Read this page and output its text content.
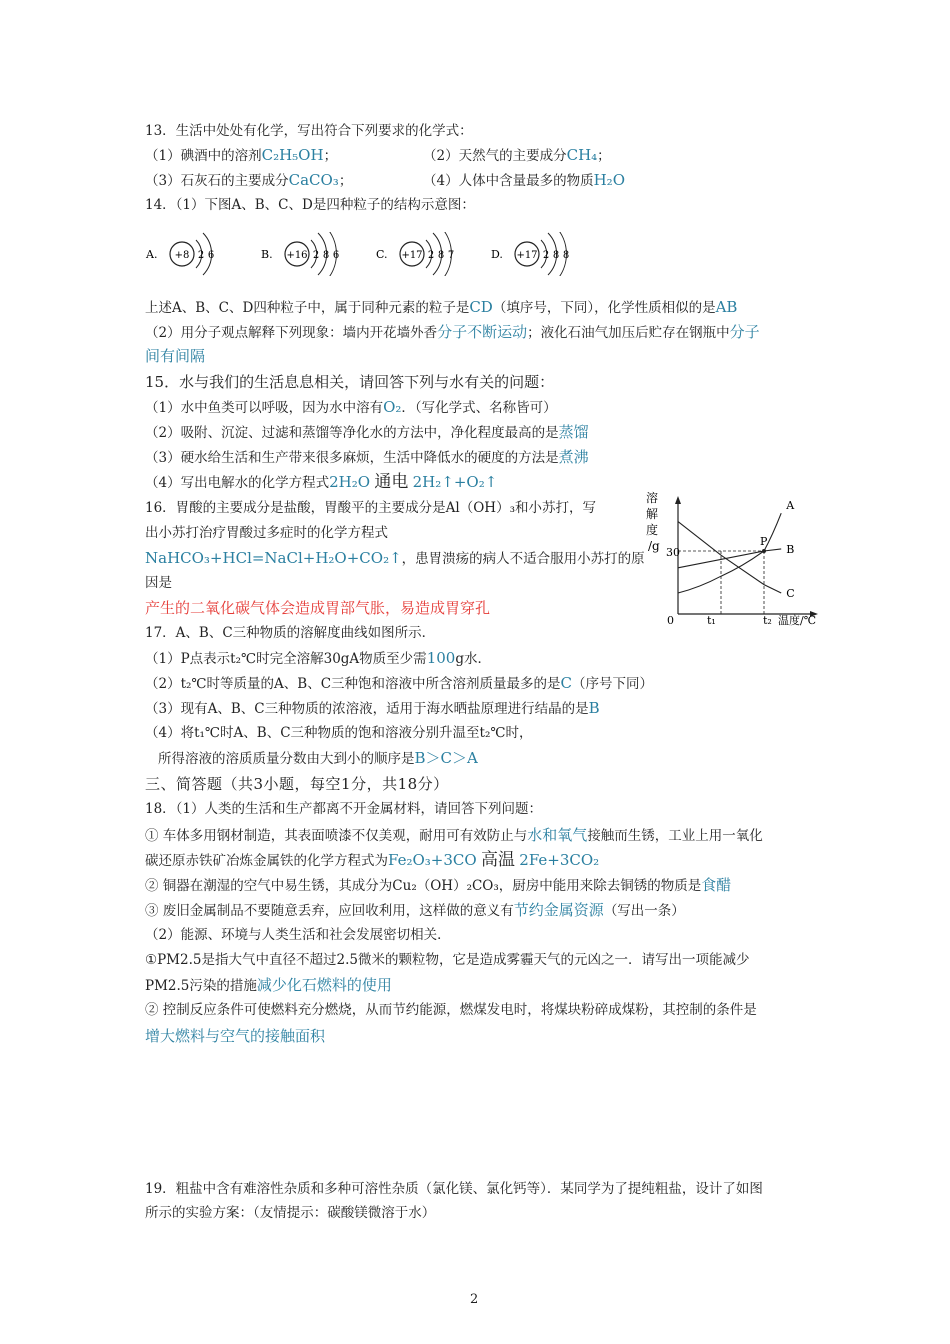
13．生活中处处有化学，写出符合下列要求的化学式：
（1）碘酒中的溶剂C₂H₅OH；	（2）天然气的主要成分CH₄；
（3）石灰石的主要成分CaCO₃；	（4）人体中含量最多的物质H₂O
14．（1）下图A、B、C、D是四种粒子的结构示意图：
A. +8 2 6	B. +16 2 8 6	C. +17 2 8 7	D. +17 2 8 8
上述A、B、C、D四种粒子中，属于同种元素的粒子是CD（填序号，下同），化学性质相似的是AB
（2）用分子观点解释下列现象：墙内开花墙外香分子不断运动；液化石油气加压后贮存在钢瓶中分子
间有间隔
15．水与我们的生活息息相关，请回答下列与水有关的问题：
（1）水中鱼类可以呼吸，因为水中溶有O₂．（写化学式、名称皆可）
（2）吸附、沉淀、过滤和蒸馏等净化水的方法中，净化程度最高的是蒸馏
（3）硬水给生活和生产带来很多麻烦，生活中降低水的硬度的方法是煮沸
（4）写出电解水的化学方程式2H₂O 通电 2H₂↑+O₂↑
16．胃酸的主要成分是盐酸，胃酸平的主要成分是Al（OH）₃和小苏打，写
出小苏打治疗胃酸过多症时的化学方程式
NaHCO₃+HCl=NaCl+H₂O+CO₂↑，患胃溃疡的病人不适合服用小苏打的原
因是
产生的二氧化碳气体会造成胃部气胀，易造成胃穿孔
溶
解
度
/g 30
0	t₁	t₂ 温度/℃
A
B
C
P
17．A、B、C三种物质的溶解度曲线如图所示．
（1）P点表示t₂℃时完全溶解30gA物质至少需100g水．
（2）t₂℃时等质量的A、B、C三种饱和溶液中所含溶剂质量最多的是C（序号下同）
（3）现有A、B、C三种物质的浓溶液，适用于海水晒盐原理进行结晶的是B
（4）将t₁℃时A、B、C三种物质的饱和溶液分别升温至t₂℃时，
所得溶液的溶质质量分数由大到小的顺序是B＞C＞A
三、简答题（共3小题，每空1分，共18分）
18．（1）人类的生活和生产都离不开金属材料，请回答下列问题：
① 车体多用钢材制造，其表面喷漆不仅美观，耐用可有效防止与水和氧气接触而生锈，工业上用一氧化
碳还原赤铁矿冶炼金属铁的化学方程式为Fe₂O₃+3CO 高温 2Fe+3CO₂
② 铜器在潮湿的空气中易生锈，其成分为Cu₂（OH）₂CO₃，厨房中能用来除去铜锈的物质是食醋
③ 废旧金属制品不要随意丢弃，应回收利用，这样做的意义有节约金属资源（写出一条）
（2）能源、环境与人类生活和社会发展密切相关．
①PM2.5是指大气中直径不超过2.5微米的颗粒物，它是造成雾霾天气的元凶之一．请写出一项能减少
PM2.5污染的措施减少化石燃料的使用
② 控制反应条件可使燃料充分燃烧，从而节约能源，燃煤发电时，将煤块粉碎成煤粉，其控制的条件是
增大燃料与空气的接触面积
19．粗盐中含有难溶性杂质和多种可溶性杂质（氯化镁、氯化钙等）．某同学为了提纯粗盐，设计了如图
所示的实验方案：（友情提示：碳酸镁微溶于水）
2
